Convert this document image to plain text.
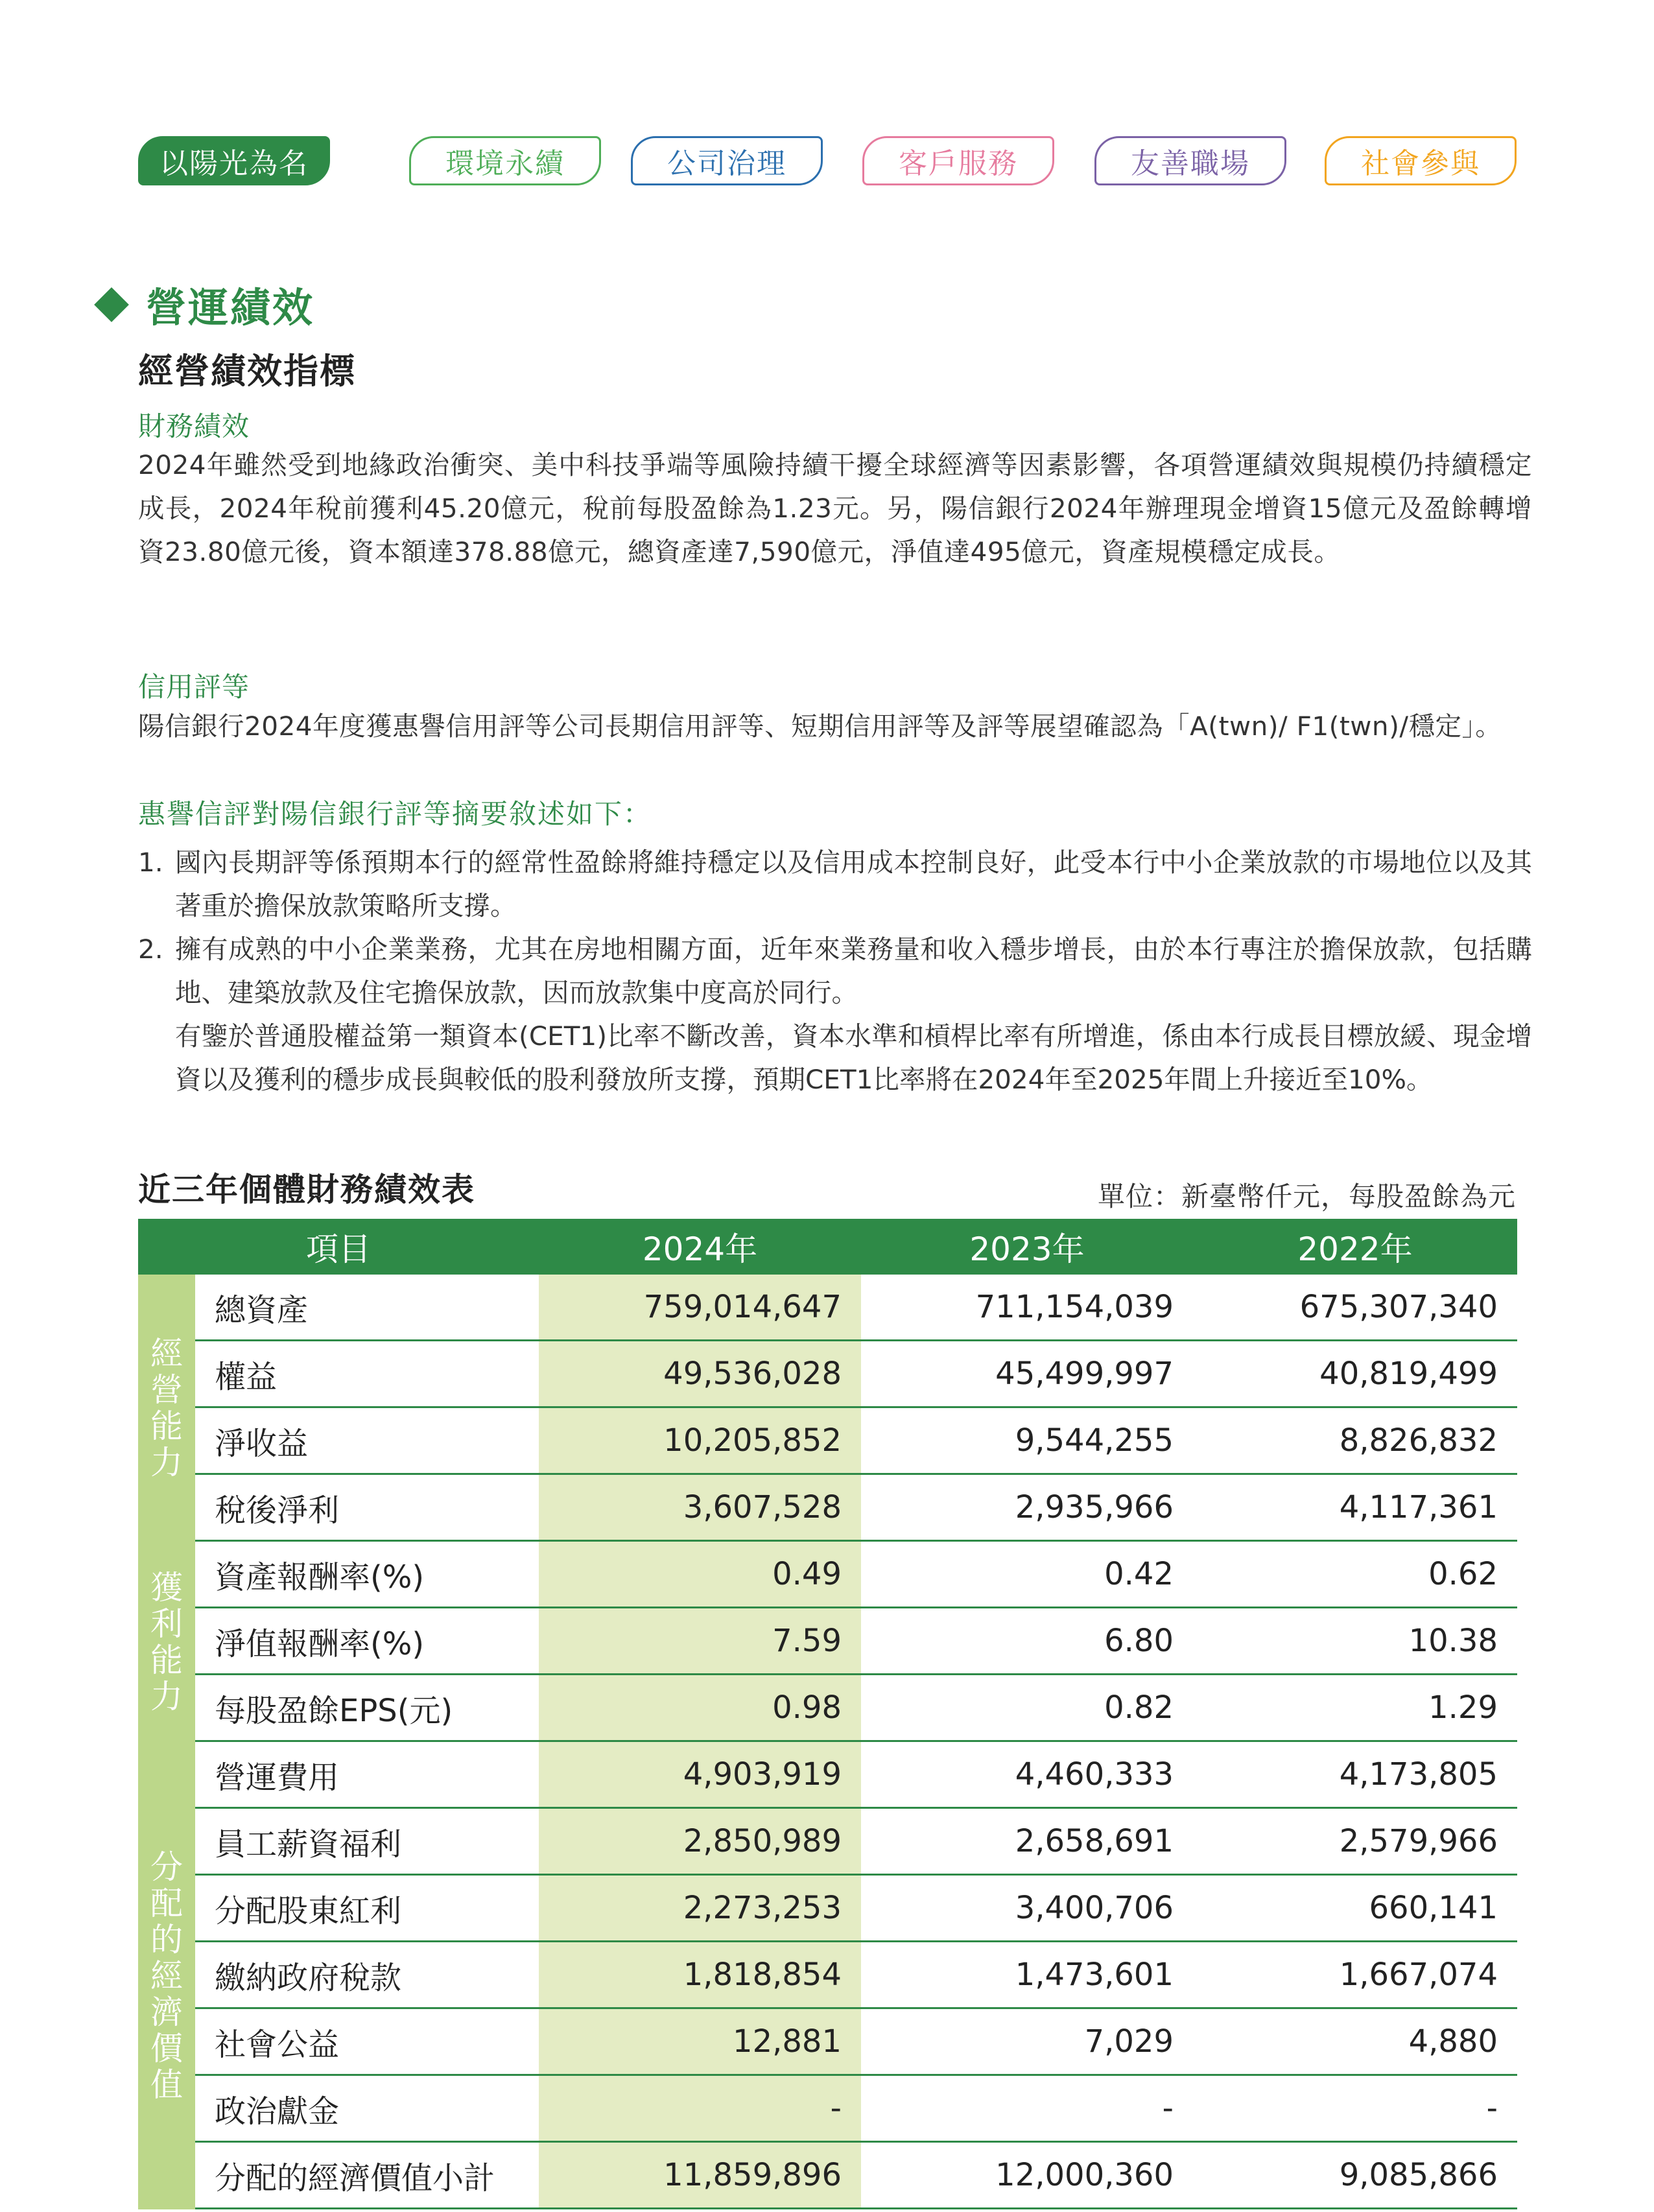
以陽光為名	環境永續	公司治理	客戶服務	友善職場	社會參與
營運績效
經營績效指標
財務績效
2024年雖然受到地緣政治衝突、美中科技爭端等風險持續干擾全球經濟等因素影響，各項營運績效與規模仍持續穩定成長，2024年稅前獲利45.20億元，稅前每股盈餘為1.23元。另，陽信銀行2024年辦理現金增資15億元及盈餘轉增資23.80億元後，資本額達378.88億元，總資產達7,590億元，淨值達495億元，資產規模穩定成長。
信用評等
陽信銀行2024年度獲惠譽信用評等公司長期信用評等、短期信用評等及評等展望確認為「A(twn)/ F1(twn)/穩定」。
惠譽信評對陽信銀行評等摘要敘述如下：
1. 國內長期評等係預期本行的經常性盈餘將維持穩定以及信用成本控制良好，此受本行中小企業放款的市場地位以及其著重於擔保放款策略所支撐。
2. 擁有成熟的中小企業業務，尤其在房地相關方面，近年來業務量和收入穩步增長，由於本行專注於擔保放款，包括購　地、建築放款及住宅擔保放款，因而放款集中度高於同行。
有鑒於普通股權益第一類資本(CET1)比率不斷改善，資本水準和槓桿比率有所增進，係由本行成長目標放緩、現金增資以及獲利的穩步成長與較低的股利發放所支撐，預期CET1比率將在2024年至2025年間上升接近至10%。
近三年個體財務績效表	單位：新臺幣仟元，每股盈餘為元
項目	2024年	2023年	2022年
經營能力
總資產	759,014,647	711,154,039	675,307,340
權益	49,536,028	45,499,997	40,819,499
淨收益	10,205,852	9,544,255	8,826,832
稅後淨利	3,607,528	2,935,966	4,117,361
獲利能力
資產報酬率(%)	0.49	0.42	0.62
淨值報酬率(%)	7.59	6.80	10.38
每股盈餘EPS(元)	0.98	0.82	1.29
分配的經濟價值
營運費用	4,903,919	4,460,333	4,173,805
員工薪資福利	2,850,989	2,658,691	2,579,966
分配股東紅利	2,273,253	3,400,706	660,141
繳納政府稅款	1,818,854	1,473,601	1,667,074
社會公益	12,881	7,029	4,880
政治獻金	-	-	-
分配的經濟價值小計	11,859,896	12,000,360	9,085,866
